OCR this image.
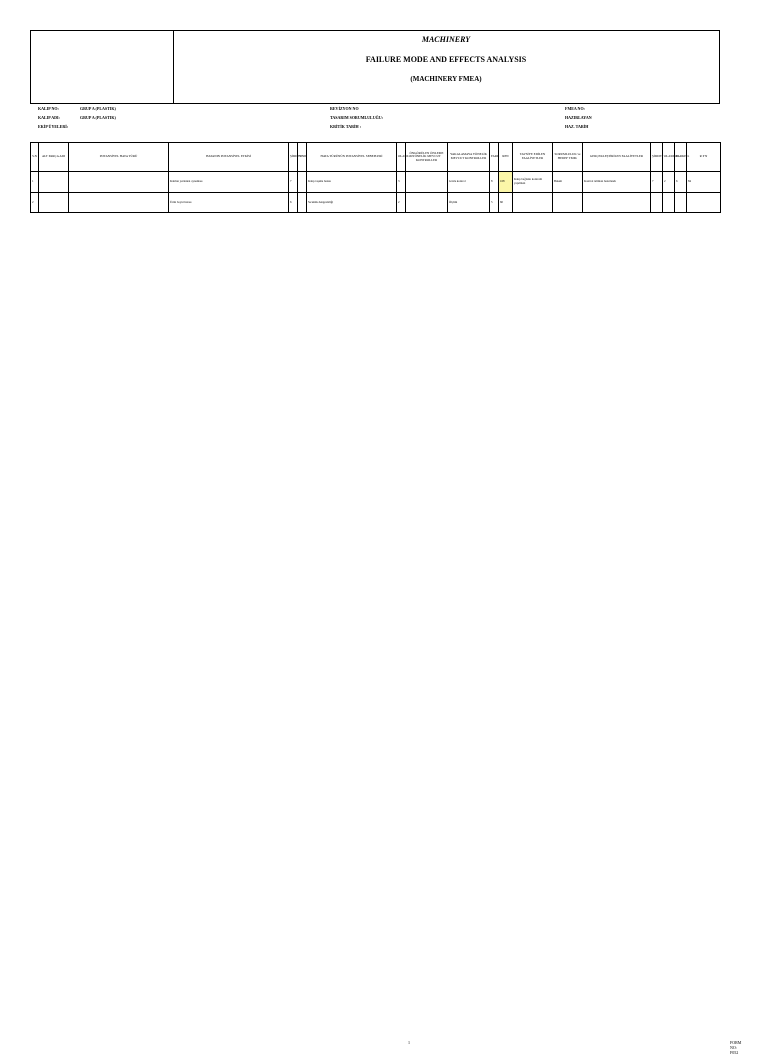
MACHINERY
FAILURE MODE AND EFFECTS ANALYSIS
(MACHINERY FMEA)
KALIP NO:	GRUP A (PLASTIK)
KALIP ADI:	GRUP A (PLASTIK)
EKİP ÜYELERİ:
REVİZYON NO
TASARIM SORUMLULUĞU:
KRİTİK TARİH :
FMEA NO:
HAZIRLAYAN
HAZ. TARİH
S.N	ALT PARÇA ADI	POTANSİYEL HATA TÜRÜ	HATANIN POTANSİYEL ETKİSİ	ŞİDDET	SINIF	HATA TÜRÜNÜN POTANSİYEL SEBEPLERİ	OLASILIK	ÖNGÖRÜLEN ÖNLEME YÖNELİK MEVCUT KONTROLLER	YAKALAMAYA YÖNELİK MEVCUT KONTROLLER	FARK	RPN	TAVSİYE EDİLEN FAALİYETLER	SORUMLULUK ve HEDEF TMM.	GERÇEKLEŞTİRİLEN FAALİYETLER	ŞİDDET	OLASILIK	FARKED.	R P N
1			Kalıbın yerinden oynaması	7		Kalıp taşıma hatası	3		Gözle kontrol	8	168	Kalıp bağlantı kontrolü yapılmalı	Bakım	Kontrol talimatı hazırlandı	7	2	6	84
2			Ürün boyut hatası	6		Sıcaklık dengesizliği	2		Ölçüm	5	60							
1	FORM NO: F052
